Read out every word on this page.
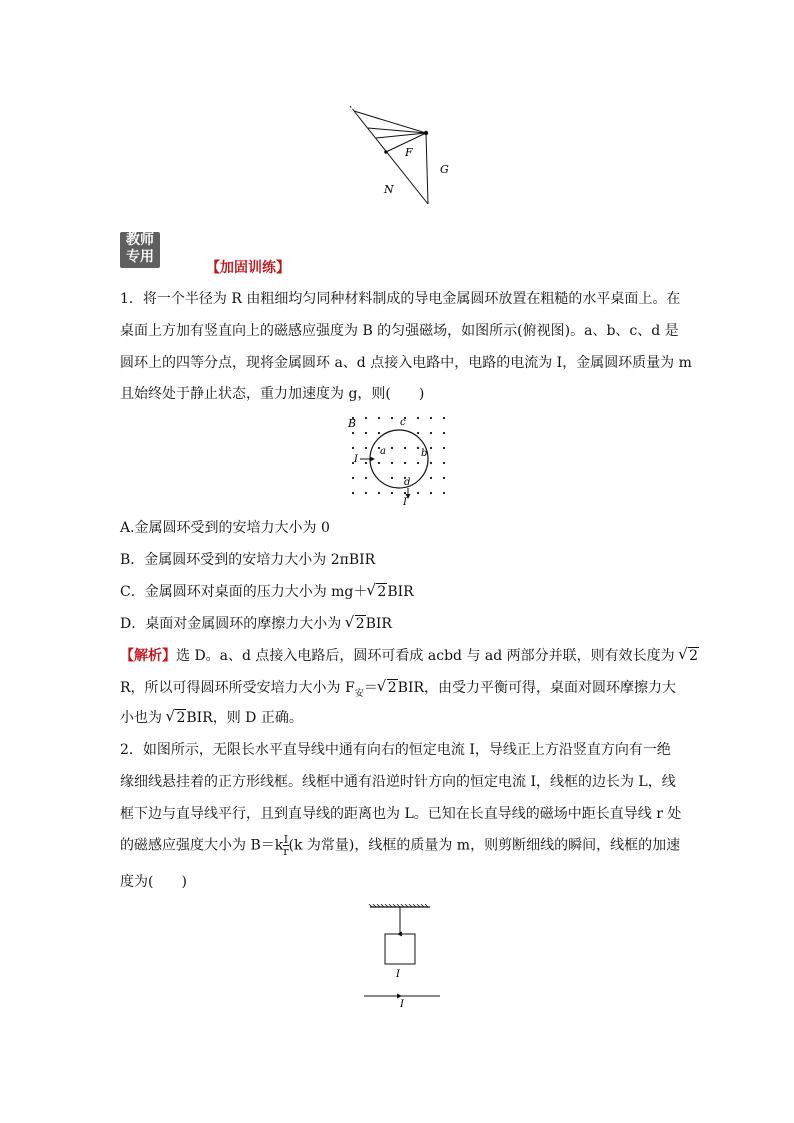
F
G
N
教师
专用
【加固训练】
1．将一个半径为 R 由粗细均匀同种材料制成的导电金属圆环放置在粗糙的水平桌面上。在
桌面上方加有竖直向上的磁感应强度为 B 的匀强磁场，如图所示(俯视图)。a、b、c、d 是
圆环上的四等分点，现将金属圆环 a、d 点接入电路中，电路的电流为 I，金属圆环质量为 m
且始终处于静止状态，重力加速度为 g，则(　　)
B
I
a	b
c
d
I
A.金属圆环受到的安培力大小为 0
B．金属圆环受到的安培力大小为 2πBIR
C．金属圆环对桌面的压力大小为 mg＋√ 2BIR
D．桌面对金属圆环的摩擦力大小为 √ 2BIR
【解析】选 D。a、d 点接入电路后，圆环可看成 acbd 与 ad 两部分并联，则有效长度为 √ 2
R，所以可得圆环所受安培力大小为 $F_安=√$ 2BIR，由受力平衡可得，桌面对圆环摩擦力大
小也为 √ 2BIR，则 D 正确。
2．如图所示，无限长水平直导线中通有向右的恒定电流 I，导线正上方沿竖直方向有一绝
缘细线悬挂着的正方形线框。线框中通有沿逆时针方向的恒定电流 I，线框的边长为 L，线
框下边与直导线平行，且到直导线的距离也为 L。已知在长直导线的磁场中距长直导线 r 处
的磁感应强度大小为 $B=k \frac{I}{r} (k$ 为常量)，线框的质量为 m，则剪断细线的瞬间，线框的加速
度为(　　)
I
I
